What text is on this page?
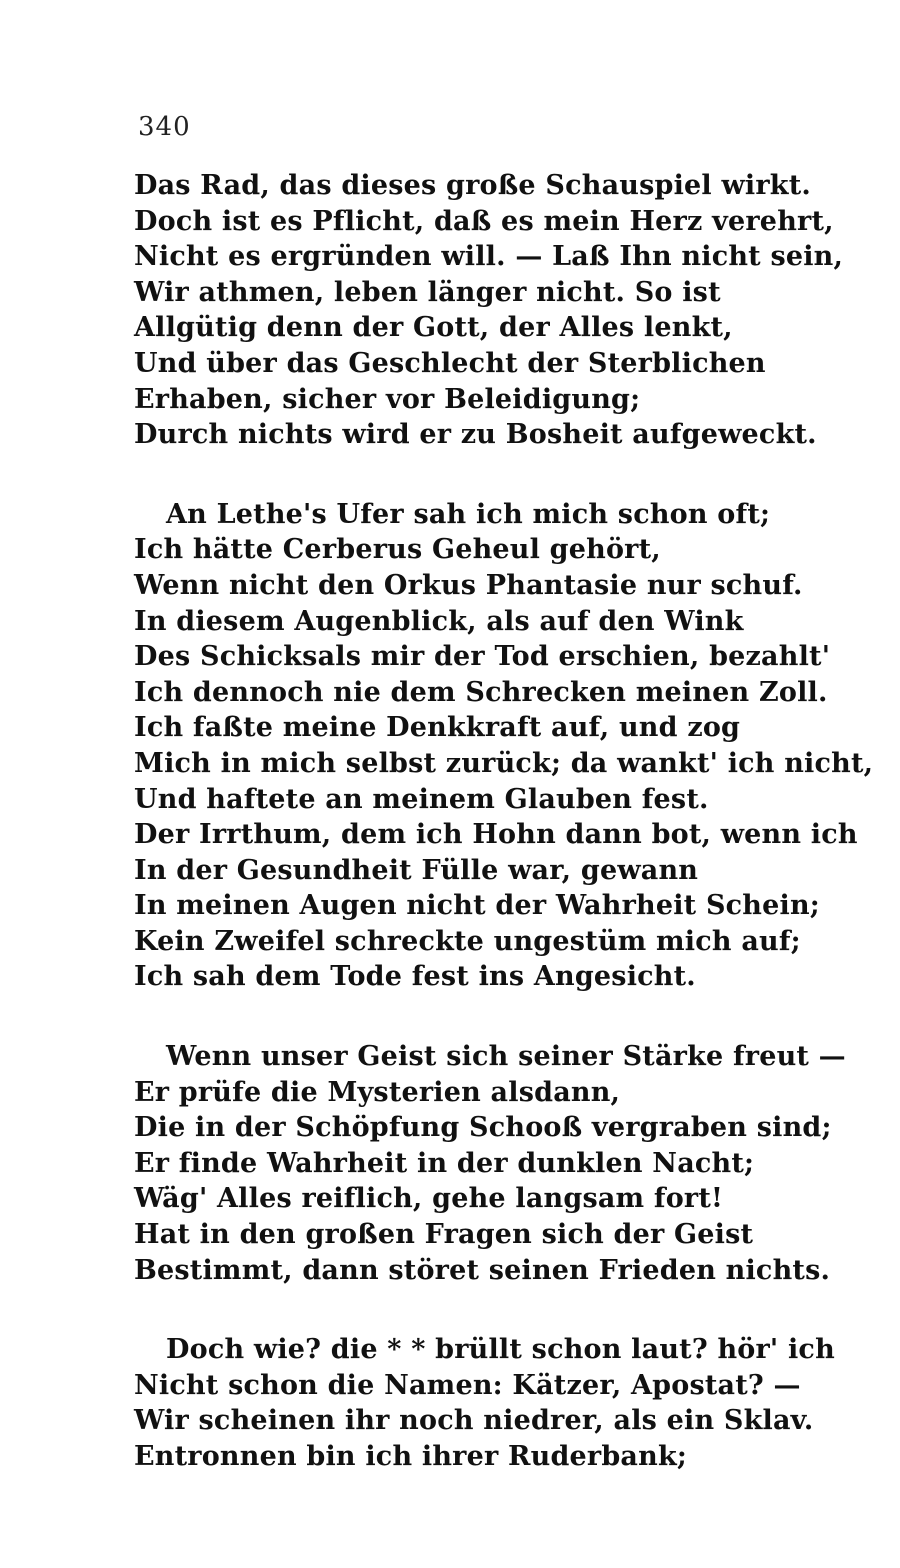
340
Das Rad, das dieses große Schauspiel wirkt.
Doch ist es Pflicht, daß es mein Herz verehrt,
Nicht es ergründen will. — Laß Ihn nicht sein,
Wir athmen, leben länger nicht. So ist
Allgütig denn der Gott, der Alles lenkt,
Und über das Geschlecht der Sterblichen
Erhaben, sicher vor Beleidigung;
Durch nichts wird er zu Bosheit aufgeweckt.
An Lethe's Ufer sah ich mich schon oft;
Ich hätte Cerberus Geheul gehört,
Wenn nicht den Orkus Phantasie nur schuf.
In diesem Augenblick, als auf den Wink
Des Schicksals mir der Tod erschien, bezahlt'
Ich dennoch nie dem Schrecken meinen Zoll.
Ich faßte meine Denkkraft auf, und zog
Mich in mich selbst zurück; da wankt' ich nicht,
Und haftete an meinem Glauben fest.
Der Irrthum, dem ich Hohn dann bot, wenn ich
In der Gesundheit Fülle war, gewann
In meinen Augen nicht der Wahrheit Schein;
Kein Zweifel schreckte ungestüm mich auf;
Ich sah dem Tode fest ins Angesicht.
Wenn unser Geist sich seiner Stärke freut —
Er prüfe die Mysterien alsdann,
Die in der Schöpfung Schooß vergraben sind;
Er finde Wahrheit in der dunklen Nacht;
Wäg' Alles reiflich, gehe langsam fort!
Hat in den großen Fragen sich der Geist
Bestimmt, dann störet seinen Frieden nichts.
Doch wie? die * * brüllt schon laut? hör' ich
Nicht schon die Namen: Kätzer, Apostat? —
Wir scheinen ihr noch niedrer, als ein Sklav.
Entronnen bin ich ihrer Ruderbank;
